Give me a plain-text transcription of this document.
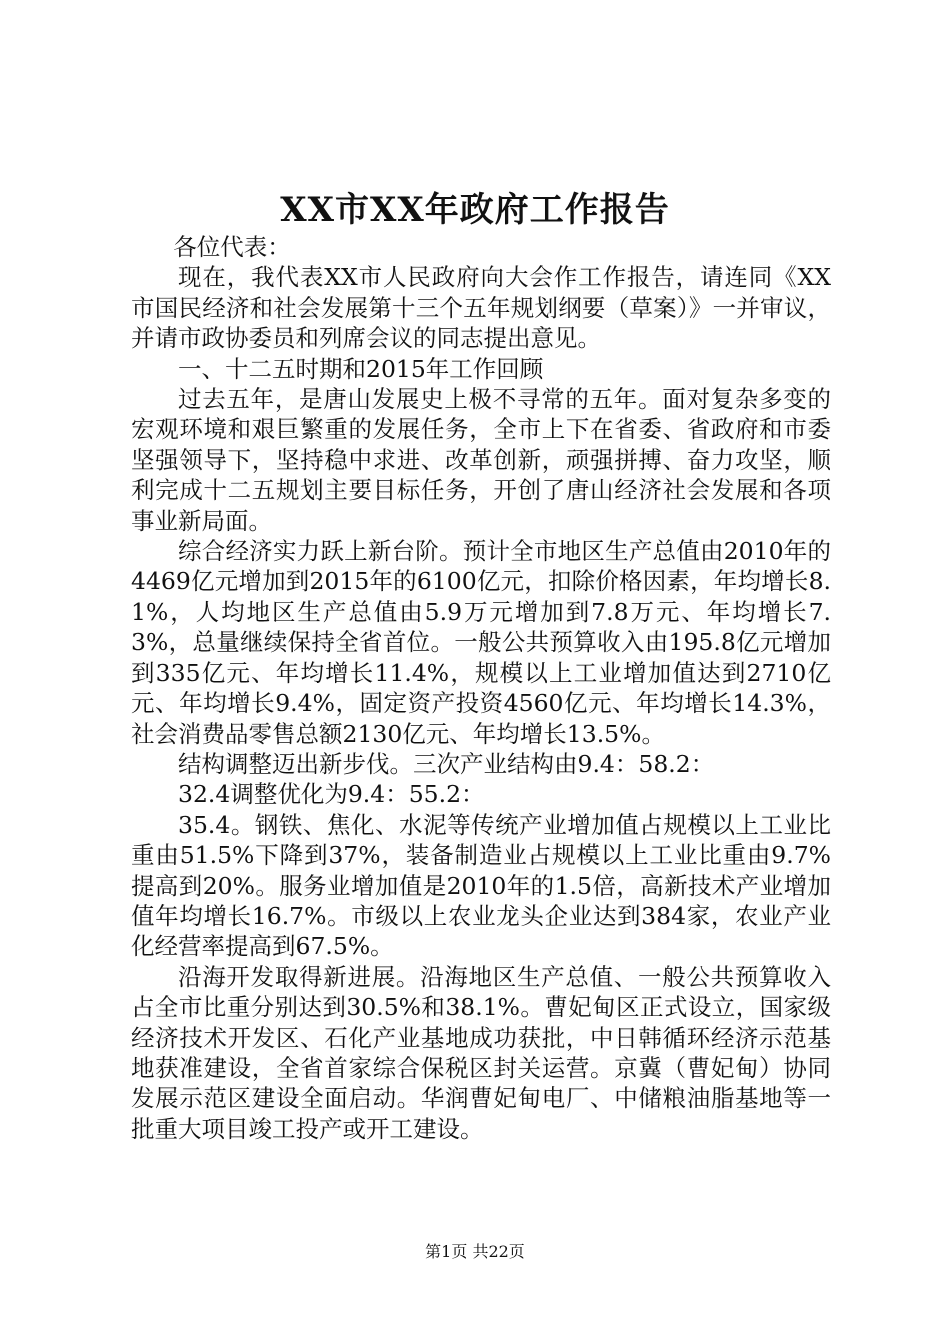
XX市XX年政府工作报告

各位代表：

现在，我代表XX市人民政府向大会作工作报告，请连同《XX市国民经济和社会发展第十三个五年规划纲要（草案）》一并审议，并请市政协委员和列席会议的同志提出意见。

一、十二五时期和2015年工作回顾

过去五年，是唐山发展史上极不寻常的五年。面对复杂多变的宏观环境和艰巨繁重的发展任务，全市上下在省委、省政府和市委坚强领导下，坚持稳中求进、改革创新，顽强拼搏、奋力攻坚，顺利完成十二五规划主要目标任务，开创了唐山经济社会发展和各项事业新局面。

综合经济实力跃上新台阶。预计全市地区生产总值由2010年的4469亿元增加到2015年的6100亿元，扣除价格因素，年均增长8.1%，人均地区生产总值由5.9万元增加到7.8万元、年均增长7.3%，总量继续保持全省首位。一般公共预算收入由195.8亿元增加到335亿元、年均增长11.4%，规模以上工业增加值达到2710亿元、年均增长9.4%，固定资产投资4560亿元、年均增长14.3%，社会消费品零售总额2130亿元、年均增长13.5%。

结构调整迈出新步伐。三次产业结构由9.4：58.2：

32.4调整优化为9.4：55.2：

35.4。钢铁、焦化、水泥等传统产业增加值占规模以上工业比重由51.5%下降到37%，装备制造业占规模以上工业比重由9.7%提高到20%。服务业增加值是2010年的1.5倍，高新技术产业增加值年均增长16.7%。市级以上农业龙头企业达到384家，农业产业化经营率提高到67.5%。

沿海开发取得新进展。沿海地区生产总值、一般公共预算收入占全市比重分别达到30.5%和38.1%。曹妃甸区正式设立，国家级经济技术开发区、石化产业基地成功获批，中日韩循环经济示范基地获准建设，全省首家综合保税区封关运营。京冀（曹妃甸）协同发展示范区建设全面启动。华润曹妃甸电厂、中储粮油脂基地等一批重大项目竣工投产或开工建设。

第1页 共22页
